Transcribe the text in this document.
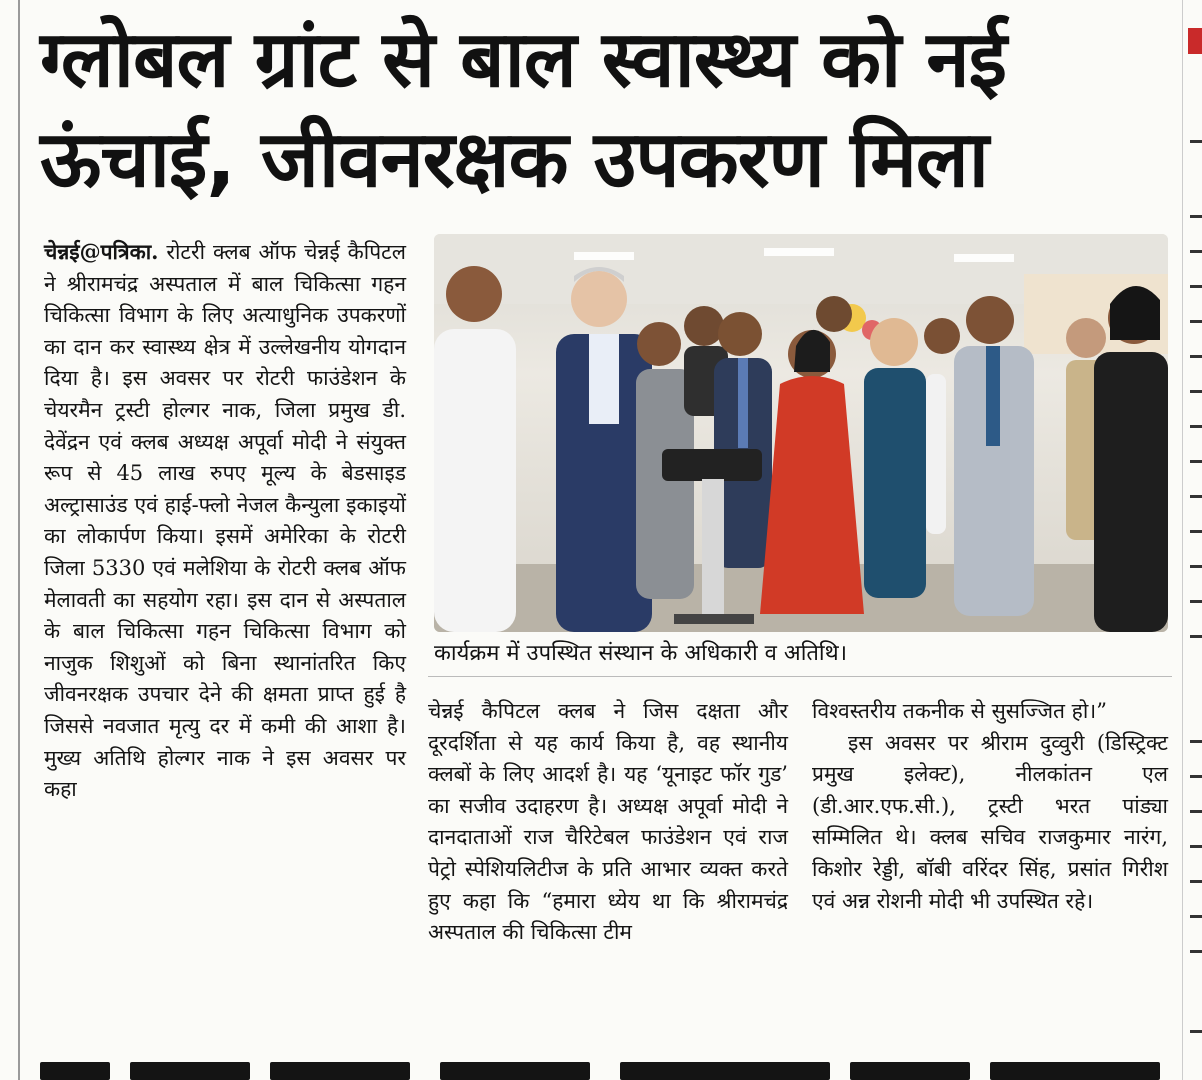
ग्लोबल ग्रांट से बाल स्वास्थ्य को नई ऊंचाई, जीवनरक्षक उपकरण मिला

चेन्नई@पत्रिका. रोटरी क्लब ऑफ चेन्नई कैपिटल ने श्रीरामचंद्र अस्पताल में बाल चिकित्सा गहन चिकित्सा विभाग के लिए अत्याधुनिक उपकरणों का दान कर स्वास्थ्य क्षेत्र में उल्लेखनीय योगदान दिया है। इस अवसर पर रोटरी फाउंडेशन के चेयरमैन ट्रस्टी होल्गर नाक, जिला प्रमुख डी. देवेंद्रन एवं क्लब अध्यक्ष अपूर्वा मोदी ने संयुक्त रूप से 45 लाख रुपए मूल्य के बेडसाइड अल्ट्रासाउंड एवं हाई-फ्लो नेजल कैन्युला इकाइयों का लोकार्पण किया। इसमें अमेरिका के रोटरी जिला 5330 एवं मलेशिया के रोटरी क्लब ऑफ मेलावती का सहयोग रहा। इस दान से अस्पताल के बाल चिकित्सा गहन चिकित्सा विभाग को नाजुक शिशुओं को बिना स्थानांतरित किए जीवनरक्षक उपचार देने की क्षमता प्राप्त हुई है जिससे नवजात मृत्यु दर में कमी की आशा है।मुख्य अतिथि होल्गर नाक ने इस अवसर पर कहा

कार्यक्रम में उपस्थित संस्थान के अधिकारी व अतिथि।

चेन्नई कैपिटल क्लब ने जिस दक्षता और दूरदर्शिता से यह कार्य किया है, वह स्थानीय क्लबों के लिए आदर्श है। यह ‘यूनाइट फॉर गुड’ का सजीव उदाहरण है। अध्यक्ष अपूर्वा मोदी ने दानदाताओं राज चैरिटेबल फाउंडेशन एवं राज पेट्रो स्पेशियलिटीज के प्रति आभार व्यक्त करते हुए कहा कि “हमारा ध्येय था कि श्रीरामचंद्र अस्पताल की चिकित्सा टीम

विश्वस्तरीय तकनीक से सुसज्जित हो।”

इस अवसर पर श्रीराम दुव्वुरी (डिस्ट्रिक्ट प्रमुख इलेक्ट), नीलकांतन एल (डी.आर.एफ.सी.), ट्रस्टी भरत पांड्या सम्मिलित थे। क्लब सचिव राजकुमार नारंग, किशोर रेड्डी, बॉबी वरिंदर सिंह, प्रसांत गिरीश एवं अन्न रोशनी मोदी भी उपस्थित रहे।
